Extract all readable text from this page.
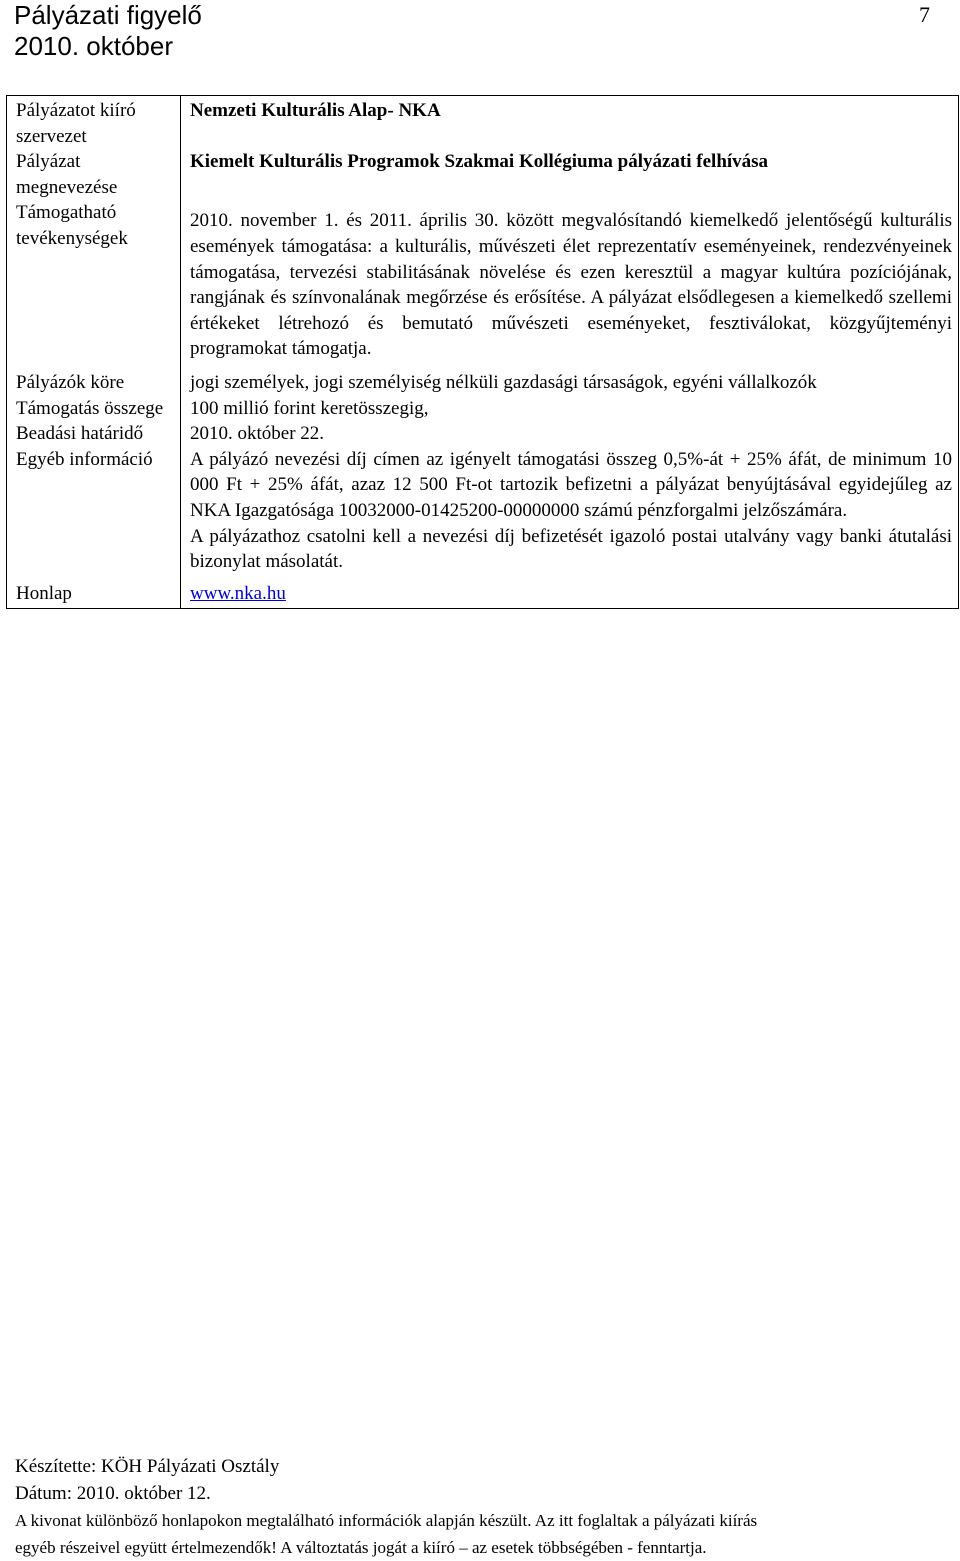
Pályázati figyelő
2010. október
7
Pályázatot kiíró szervezet	Nemzeti Kulturális Alap- NKA
Pályázat megnevezése	Kiemelt Kulturális Programok Szakmai Kollégiuma pályázati felhívása
Támogatható tevékenységek	2010. november 1. és 2011. április 30. között megvalósítandó kiemelkedő jelentőségű kulturális események támogatása: a kulturális, művészeti élet reprezentatív eseményeinek, rendezvényeinek támogatása, tervezési stabilitásának növelése és ezen keresztül a magyar kultúra pozíciójának, rangjának és színvonalának megőrzése és erősítése. A pályázat elsődlegesen a kiemelkedő szellemi értékeket létrehozó és bemutató művészeti eseményeket, fesztiválokat, közgyűjteményi programokat támogatja.
Pályázók köre	jogi személyek, jogi személyiség nélküli gazdasági társaságok, egyéni vállalkozók
Támogatás összege	100 millió forint keretösszegig,
Beadási határidő	2010. október 22.
Egyéb információ	A pályázó nevezési díj címen az igényelt támogatási összeg 0,5%-át + 25% áfát, de minimum 10 000 Ft + 25% áfát, azaz 12 500 Ft-ot tartozik befizetni a pályázat benyújtásával egyidejűleg az NKA Igazgatósága 10032000-01425200-00000000 számú pénzforgalmi jelzőszámára.
A pályázathoz csatolni kell a nevezési díj befizetését igazoló postai utalvány vagy banki átutalási bizonylat másolatát.

Honlap	www.nka.hu
Készítette: KÖH Pályázati Osztály
Dátum: 2010. október 12.
A kivonat különböző honlapokon megtalálható információk alapján készült. Az itt foglaltak a pályázati kiírás
egyéb részeivel együtt értelmezendők! A változtatás jogát a kiíró – az esetek többségében - fenntartja.
